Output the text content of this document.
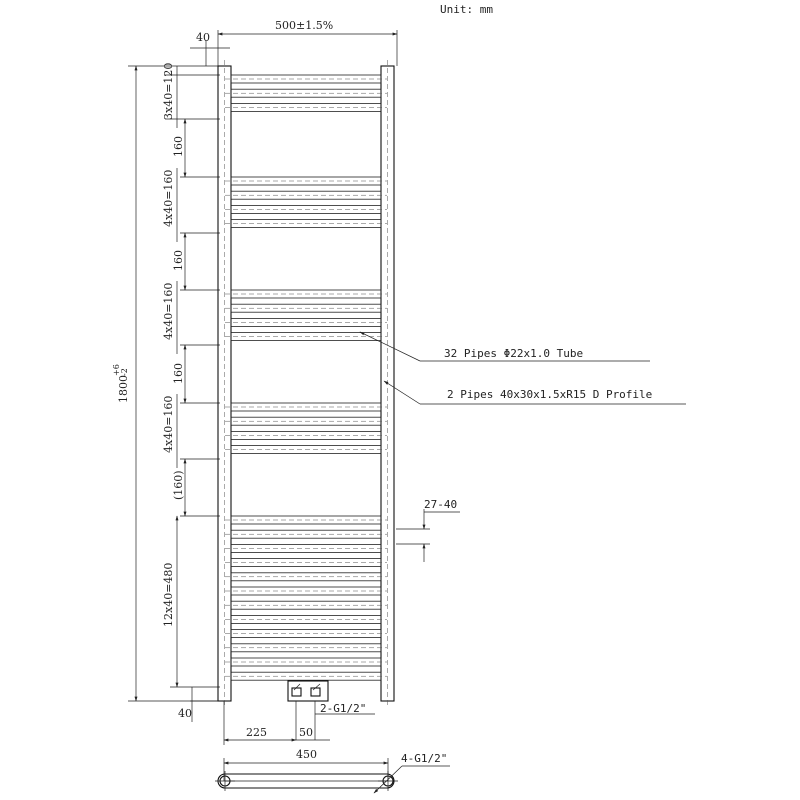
Unit: mm
500±1.5%
40
1800
+6 -2
3x40=120
160
4x40=160
160
4x40=160
160
4x40=160
(160)
12x40=480
40
32 Pipes Φ22x1.0 Tube
2 Pipes 40x30x1.5xR15 D Profile
27-40
2-G1/2"
225	50
450	4-G1/2"
